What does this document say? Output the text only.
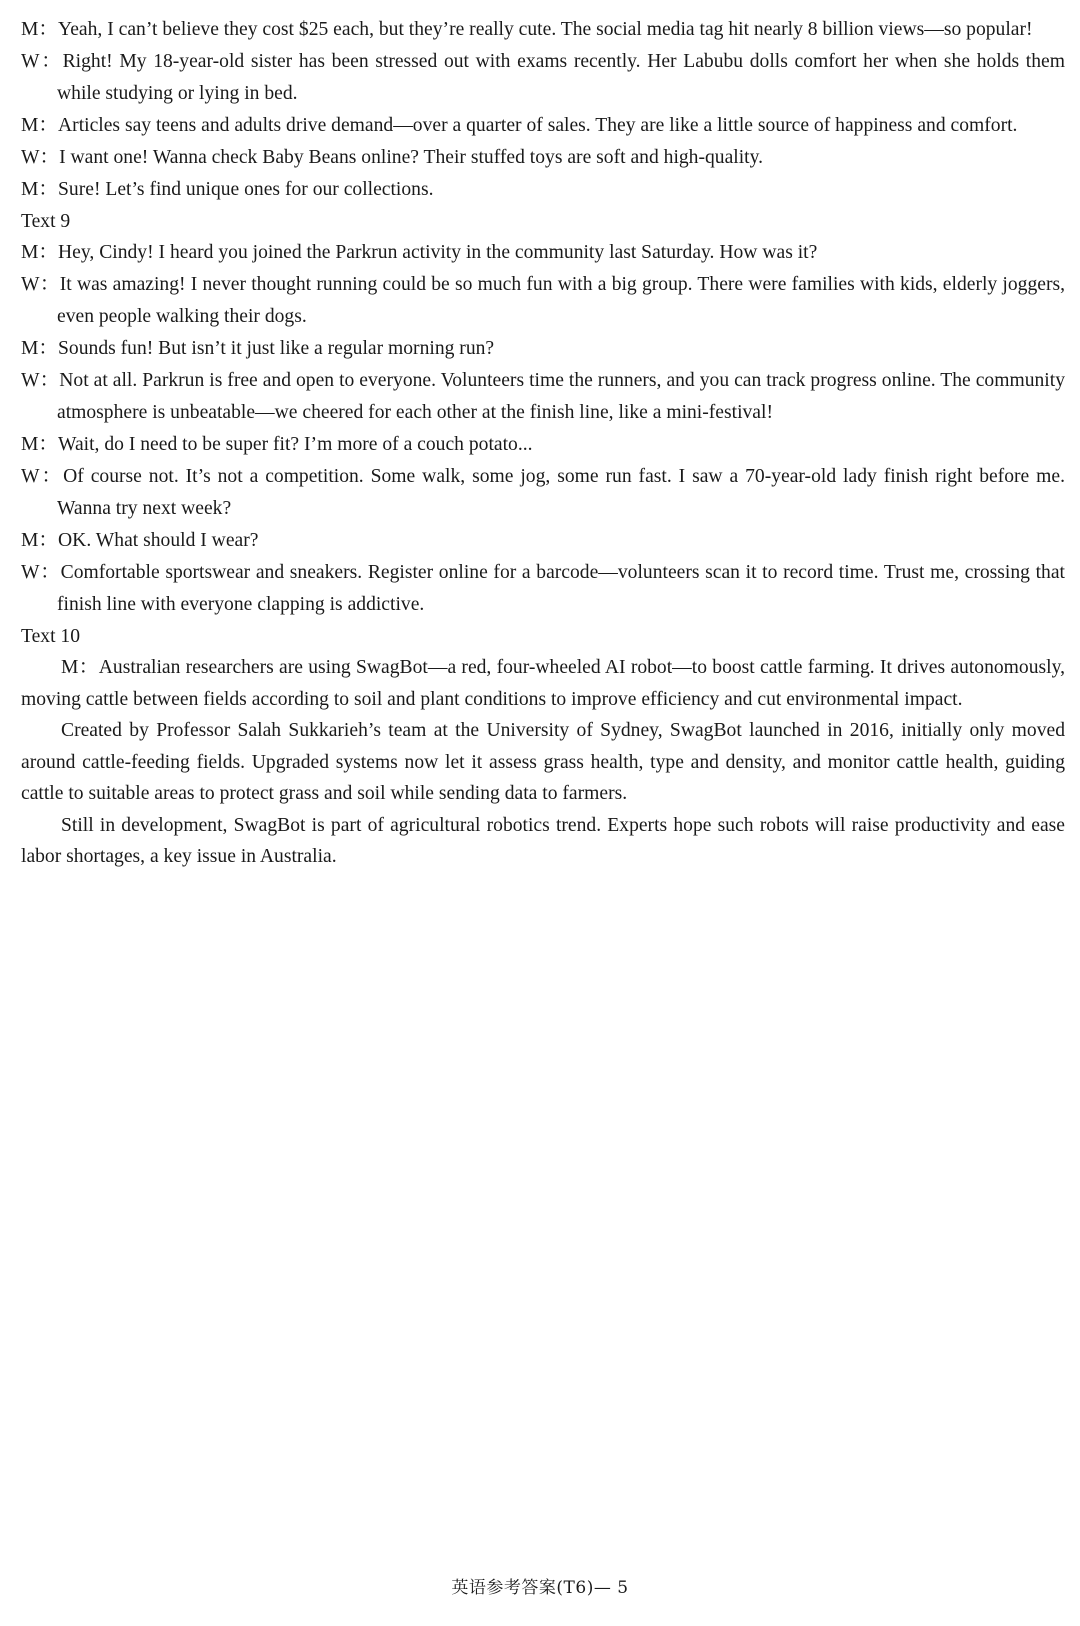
M：Yeah, I can’t believe they cost $25 each, but they’re really cute. The social media tag hit nearly 8 billion views—so popular!

W：Right! My 18-year-old sister has been stressed out with exams recently. Her Labubu dolls comfort her when she holds them while studying or lying in bed.

M：Articles say teens and adults drive demand—over a quarter of sales. They are like a little source of happiness and comfort.

W：I want one! Wanna check Baby Beans online? Their stuffed toys are soft and high-quality.

M：Sure! Let’s find unique ones for our collections.

Text 9

M：Hey, Cindy! I heard you joined the Parkrun activity in the community last Saturday. How was it?

W：It was amazing! I never thought running could be so much fun with a big group. There were families with kids, elderly joggers, even people walking their dogs.

M：Sounds fun! But isn’t it just like a regular morning run?

W：Not at all. Parkrun is free and open to everyone. Volunteers time the runners, and you can track progress online. The community atmosphere is unbeatable—we cheered for each other at the finish line, like a mini-festival!

M：Wait, do I need to be super fit? I’m more of a couch potato...

W：Of course not. It’s not a competition. Some walk, some jog, some run fast. I saw a 70-year-old lady finish right before me. Wanna try next week?

M：OK. What should I wear?

W：Comfortable sportswear and sneakers. Register online for a barcode—volunteers scan it to record time. Trust me, crossing that finish line with everyone clapping is addictive.

Text 10

M：Australian researchers are using SwagBot—a red, four-wheeled AI robot—to boost cattle farming. It drives autonomously, moving cattle between fields according to soil and plant conditions to improve efficiency and cut environmental impact.

Created by Professor Salah Sukkarieh’s team at the University of Sydney, SwagBot launched in 2016, initially only moved around cattle-feeding fields. Upgraded systems now let it assess grass health, type and density, and monitor cattle health, guiding cattle to suitable areas to protect grass and soil while sending data to farmers.

Still in development, SwagBot is part of agricultural robotics trend. Experts hope such robots will raise productivity and ease labor shortages, a key issue in Australia.

英语参考答案(T6)— 5
